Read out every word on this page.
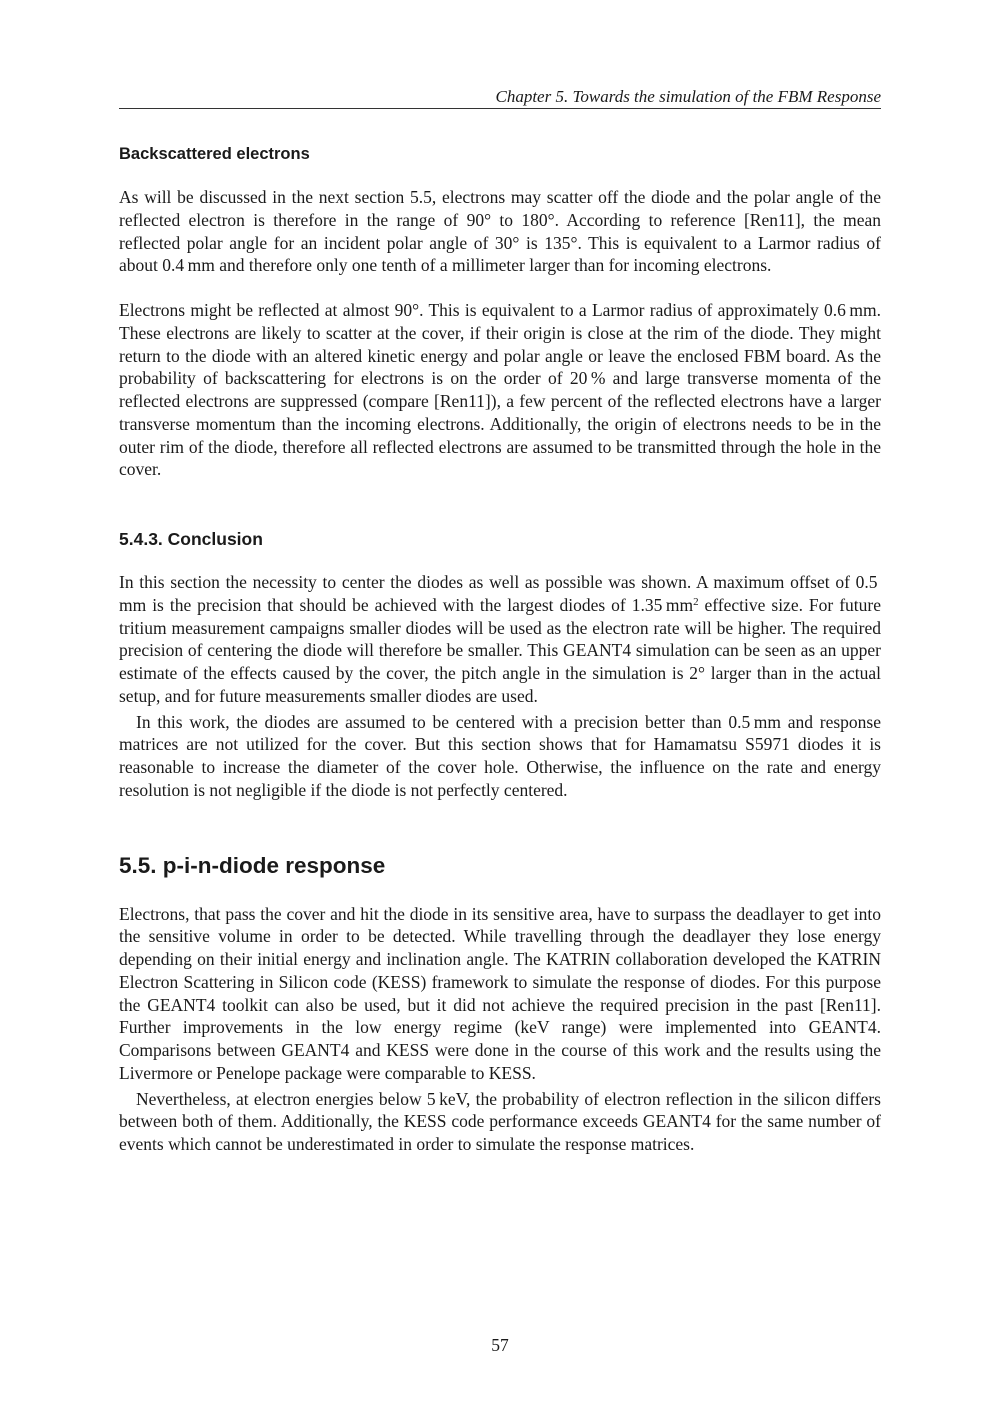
Chapter 5. Towards the simulation of the FBM Response
Backscattered electrons

As will be discussed in the next section 5.5, electrons may scatter off the diode and the polar angle of the reflected electron is therefore in the range of 90° to 180°. According to reference [Ren11], the mean reflected polar angle for an incident polar angle of 30° is 135°. This is equivalent to a Larmor radius of about 0.4 mm and therefore only one tenth of a millimeter larger than for incoming electrons.

Electrons might be reflected at almost 90°. This is equivalent to a Larmor radius of approximately 0.6 mm. These electrons are likely to scatter at the cover, if their origin is close at the rim of the diode. They might return to the diode with an altered kinetic energy and polar angle or leave the enclosed FBM board. As the probability of backscattering for electrons is on the order of 20 % and large transverse momenta of the reflected electrons are suppressed (compare [Ren11]), a few percent of the reflected electrons have a larger transverse momentum than the incoming electrons. Additionally, the origin of electrons needs to be in the outer rim of the diode, therefore all reflected electrons are assumed to be transmitted through the hole in the cover.

5.4.3. Conclusion

In this section the necessity to center the diodes as well as possible was shown. A maximum offset of 0.5 mm is the precision that should be achieved with the largest diodes of 1.35 $mm^2$ effective size. For future tritium measurement campaigns smaller diodes will be used as the electron rate will be higher. The required precision of centering the diode will therefore be smaller. This GEANT4 simulation can be seen as an upper estimate of the effects caused by the cover, the pitch angle in the simulation is 2° larger than in the actual setup, and for future measurements smaller diodes are used.

In this work, the diodes are assumed to be centered with a precision better than 0.5 mm and response matrices are not utilized for the cover. But this section shows that for Hamamatsu S5971 diodes it is reasonable to increase the diameter of the cover hole. Otherwise, the influence on the rate and energy resolution is not negligible if the diode is not perfectly centered.

5.5. p-i-n-diode response

Electrons, that pass the cover and hit the diode in its sensitive area, have to surpass the deadlayer to get into the sensitive volume in order to be detected. While travelling through the deadlayer they lose energy depending on their initial energy and inclination angle. The KATRIN collaboration developed the KATRIN Electron Scattering in Silicon code (KESS) framework to simulate the response of diodes. For this purpose the GEANT4 toolkit can also be used, but it did not achieve the required precision in the past [Ren11]. Further improvements in the low energy regime (keV range) were implemented into GEANT4. Comparisons between GEANT4 and KESS were done in the course of this work and the results using the Livermore or Penelope package were comparable to KESS.

Nevertheless, at electron energies below 5 keV, the probability of electron reflection in the silicon differs between both of them. Additionally, the KESS code performance exceeds GEANT4 for the same number of events which cannot be underestimated in order to simulate the response matrices.

57
